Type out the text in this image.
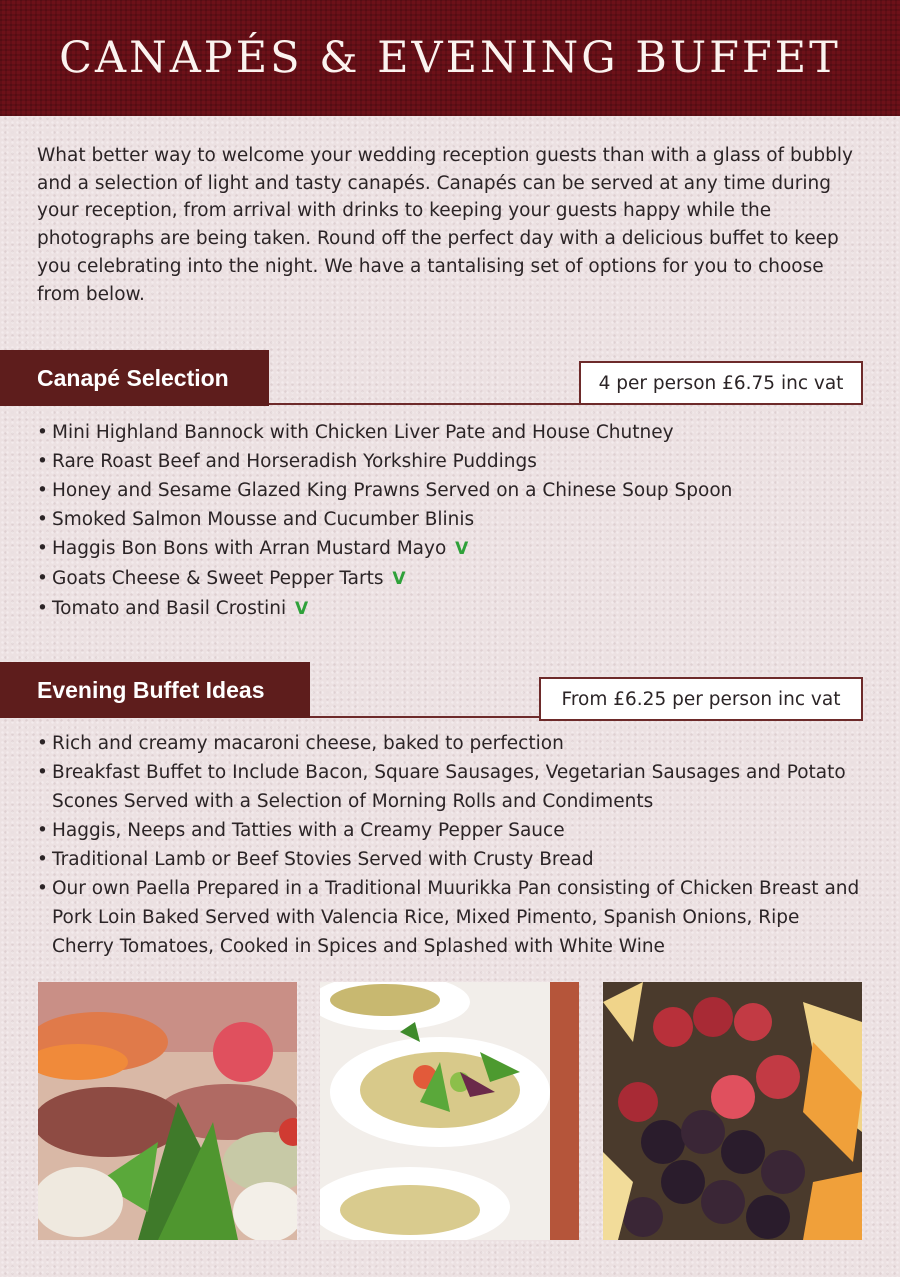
CANAPÉS & EVENING BUFFET

What better way to welcome your wedding reception guests than with a glass of bubbly and a selection of light and tasty canapés. Canapés can be served at any time during your reception, from arrival with drinks to keeping your guests happy while the photographs are being taken. Round off the perfect day with a delicious buffet to keep you celebrating into the night. We have a tantalising set of options for you to choose from below.

Canapé Selection	4 per person £6.75 inc vat
• Mini Highland Bannock with Chicken Liver Pate and House Chutney
• Rare Roast Beef and Horseradish Yorkshire Puddings
• Honey and Sesame Glazed King Prawns Served on a Chinese Soup Spoon
• Smoked Salmon Mousse and Cucumber Blinis
• Haggis Bon Bons with Arran Mustard Mayo V
• Goats Cheese & Sweet Pepper Tarts V
• Tomato and Basil Crostini V
Evening Buffet Ideas	From £6.25 per person inc vat
• Rich and creamy macaroni cheese, baked to perfection
• Breakfast Buffet to Include Bacon, Square Sausages, Vegetarian Sausages and Potato Scones Served with a Selection of Morning Rolls and Condiments
• Haggis, Neeps and Tatties with a Creamy Pepper Sauce
• Traditional Lamb or Beef Stovies Served with Crusty Bread
• Our own Paella Prepared in a Traditional Muurikka Pan consisting of Chicken Breast and Pork Loin Baked Served with Valencia Rice, Mixed Pimento, Spanish Onions, Ripe Cherry Tomatoes, Cooked in Spices and Splashed with White Wine
